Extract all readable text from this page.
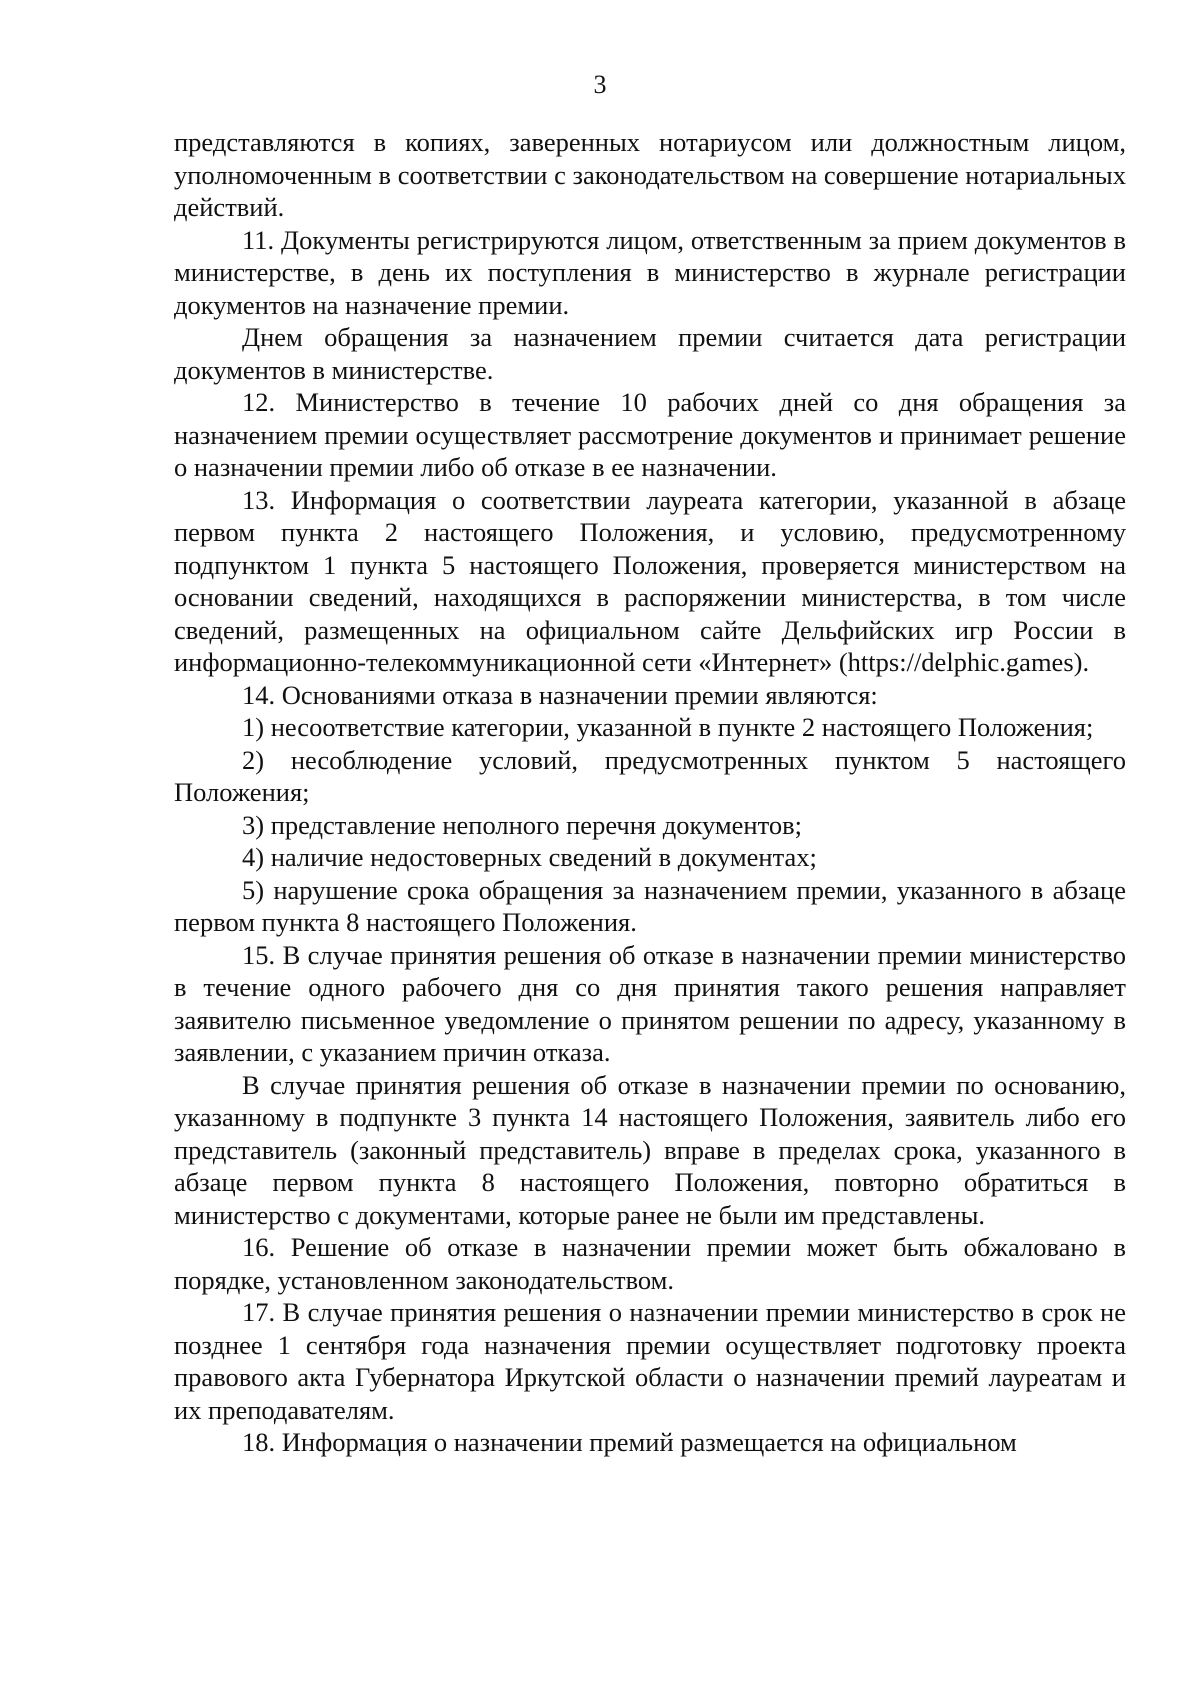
3

представляются в копиях, заверенных нотариусом или должностным лицом, уполномоченным в соответствии с законодательством на совершение нотариальных действий.

11. Документы регистрируются лицом, ответственным за прием документов в министерстве, в день их поступления в министерство в журнале регистрации документов на назначение премии.

Днем обращения за назначением премии считается дата регистрации документов в министерстве.

12. Министерство в течение 10 рабочих дней со дня обращения за назначением премии осуществляет рассмотрение документов и принимает решение о назначении премии либо об отказе в ее назначении.

13. Информация о соответствии лауреата категории, указанной в абзаце первом пункта 2 настоящего Положения, и условию, предусмотренному подпунктом 1 пункта 5 настоящего Положения, проверяется министерством на основании сведений, находящихся в распоряжении министерства, в том числе сведений, размещенных на официальном сайте Дельфийских игр России в информационно-телекоммуникационной сети «Интернет» (https://delphic.games).

14. Основаниями отказа в назначении премии являются:

1) несоответствие категории, указанной в пункте 2 настоящего Положения;

2) несоблюдение условий, предусмотренных пунктом 5 настоящего Положения;

3) представление неполного перечня документов;

4) наличие недостоверных сведений в документах;

5) нарушение срока обращения за назначением премии, указанного в абзаце первом пункта 8 настоящего Положения.

15. В случае принятия решения об отказе в назначении премии министерство в течение одного рабочего дня со дня принятия такого решения направляет заявителю письменное уведомление о принятом решении по адресу, указанному в заявлении, с указанием причин отказа.

В случае принятия решения об отказе в назначении премии по основанию, указанному в подпункте 3 пункта 14 настоящего Положения, заявитель либо его представитель (законный представитель) вправе в пределах срока, указанного в абзаце первом пункта 8 настоящего Положения, повторно обратиться в министерство с документами, которые ранее не были им представлены.

16. Решение об отказе в назначении премии может быть обжаловано в порядке, установленном законодательством.

17. В случае принятия решения о назначении премии министерство в срок не позднее 1 сентября года назначения премии осуществляет подготовку проекта правового акта Губернатора Иркутской области о назначении премий лауреатам и их преподавателям.

18. Информация о назначении премий размещается на официальном
